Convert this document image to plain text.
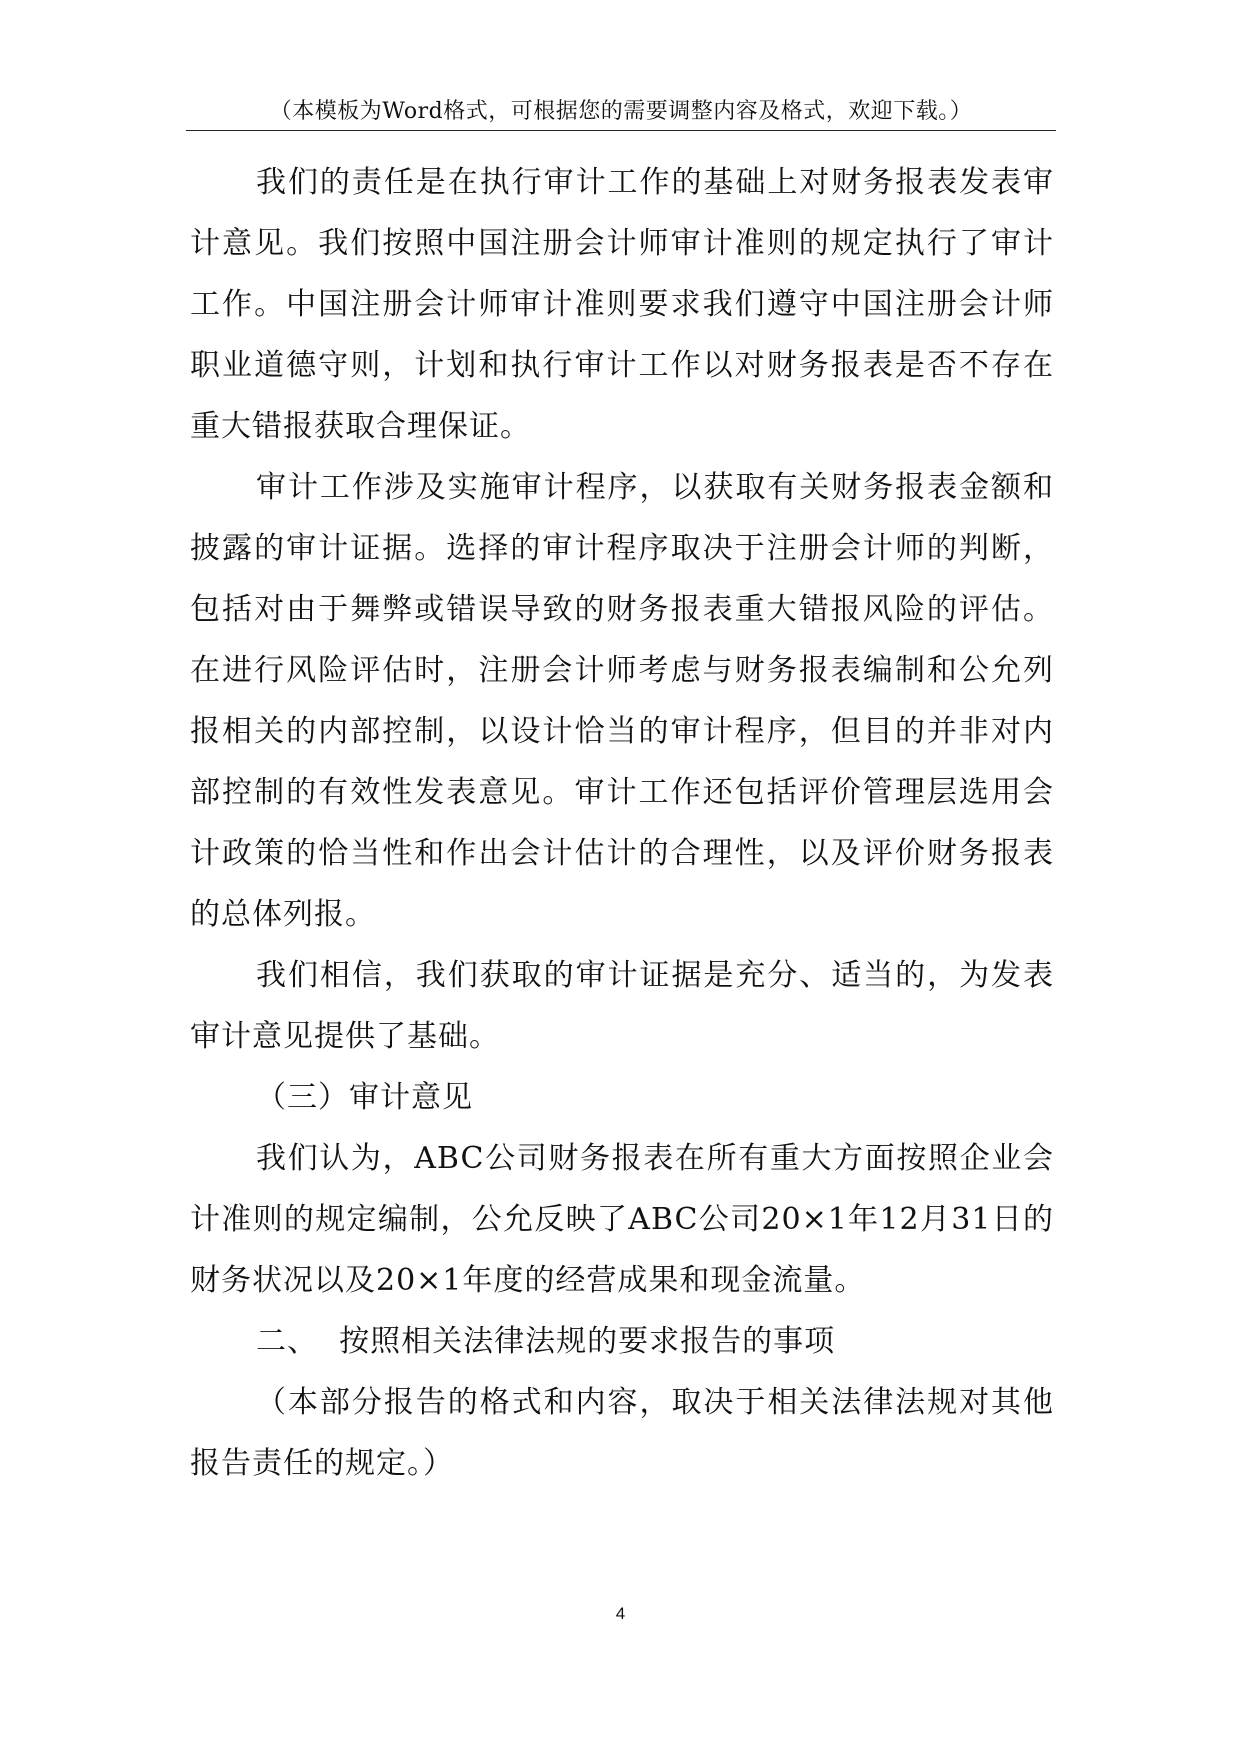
（本模板为Word格式，可根据您的需要调整内容及格式，欢迎下载。）

我们的责任是在执行审计工作的基础上对财务报表发表审计意见。我们按照中国注册会计师审计准则的规定执行了审计工作。中国注册会计师审计准则要求我们遵守中国注册会计师职业道德守则，计划和执行审计工作以对财务报表是否不存在重大错报获取合理保证。

审计工作涉及实施审计程序，以获取有关财务报表金额和披露的审计证据。选择的审计程序取决于注册会计师的判断，包括对由于舞弊或错误导致的财务报表重大错报风险的评估。在进行风险评估时，注册会计师考虑与财务报表编制和公允列报相关的内部控制，以设计恰当的审计程序，但目的并非对内部控制的有效性发表意见。审计工作还包括评价管理层选用会计政策的恰当性和作出会计估计的合理性，以及评价财务报表的总体列报。

我们相信，我们获取的审计证据是充分、适当的，为发表审计意见提供了基础。

（三）审计意见

我们认为，ABC公司财务报表在所有重大方面按照企业会计准则的规定编制，公允反映了ABC公司20×1年12月31日的财务状况以及20×1年度的经营成果和现金流量。

二、  按照相关法律法规的要求报告的事项

（本部分报告的格式和内容，取决于相关法律法规对其他报告责任的规定。）

4
